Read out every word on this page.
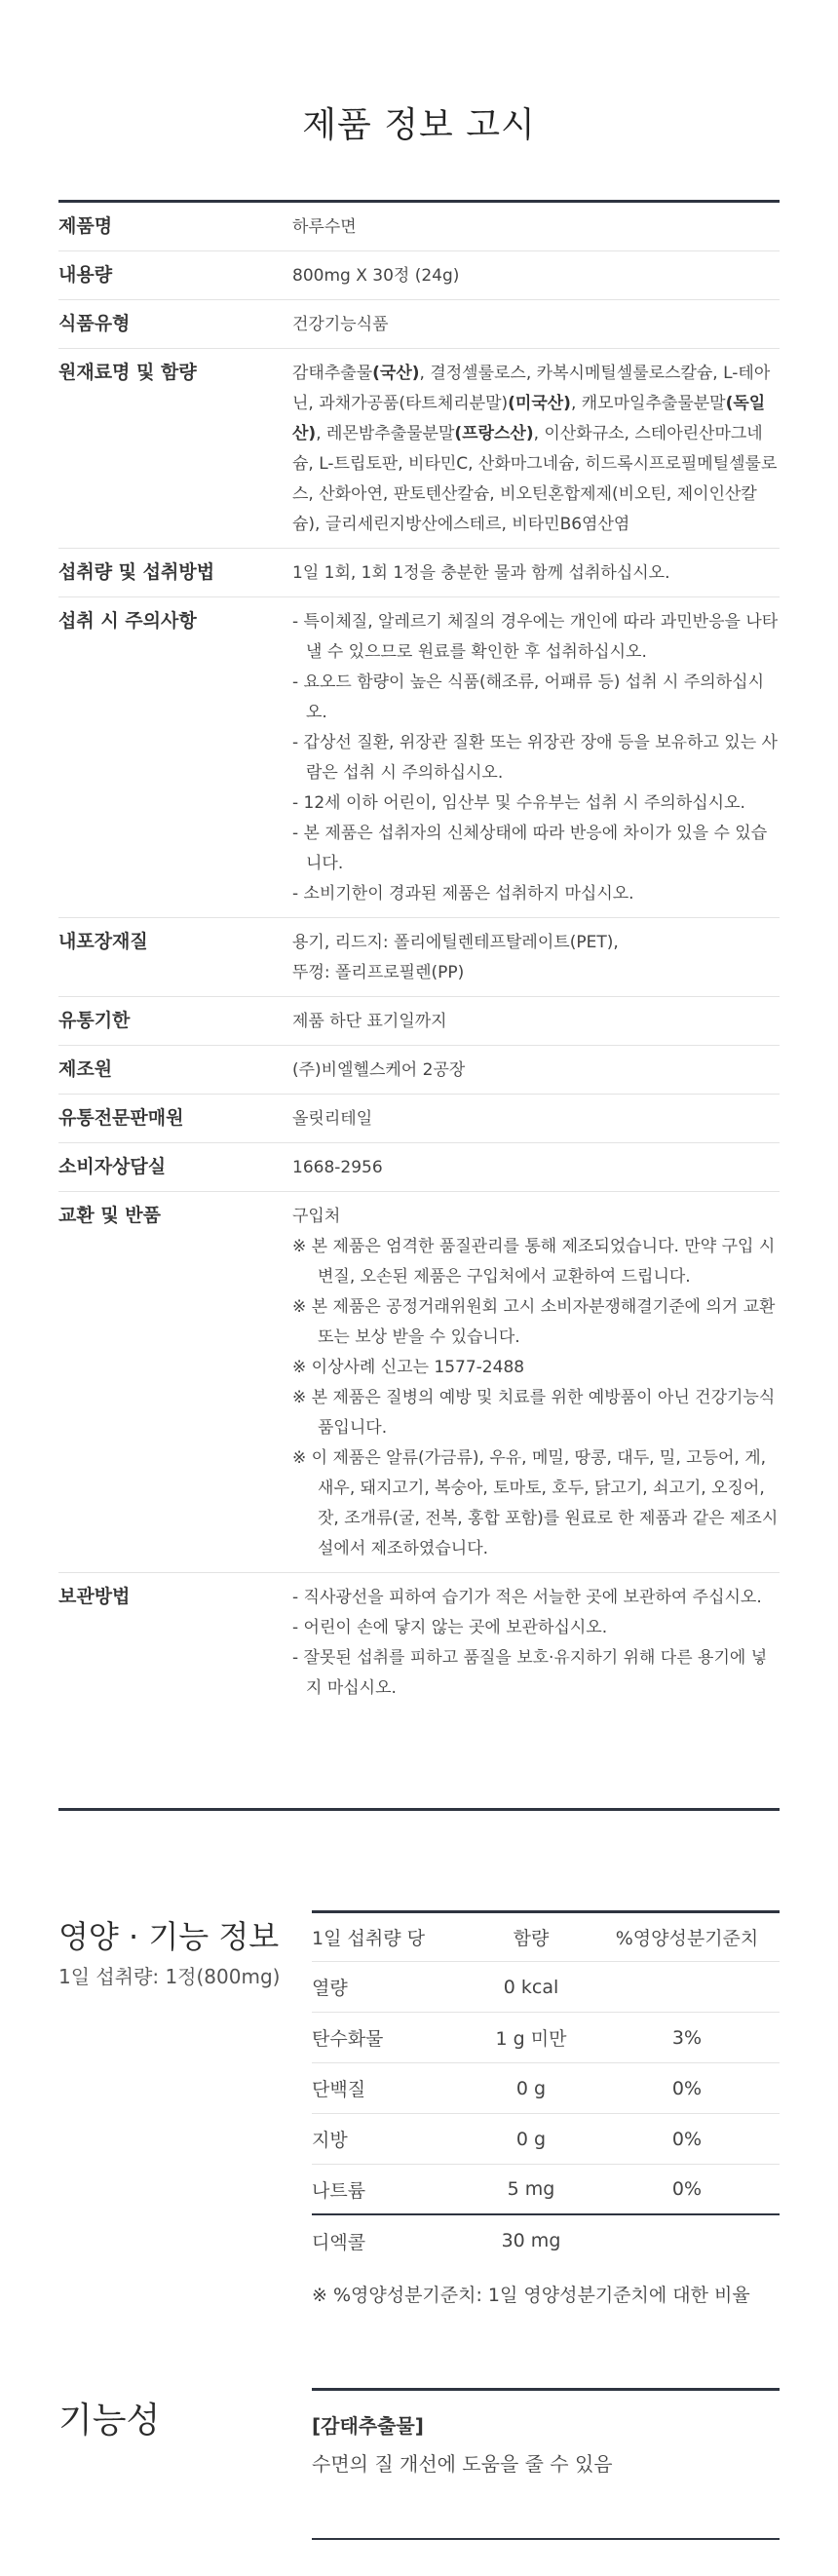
제품 정보 고시
제품명	하루수면
내용량	800mg X 30정 (24g)
식품유형	건강기능식품
원재료명 및 함량	감태추출물(국산), 결정셀룰로스, 카복시메틸셀룰로스칼슘, L-테아닌, 과채가공품(타트체리분말)(미국산), 캐모마일추출물분말(독일산), 레몬밤추출물분말(프랑스산), 이산화규소, 스테아린산마그네슘, L-트립토판, 비타민C, 산화마그네슘, 히드록시프로필메틸셀룰로스, 산화아연, 판토텐산칼슘, 비오틴혼합제제(비오틴, 제이인산칼슘), 글리세린지방산에스테르, 비타민B6염산염
섭취량 및 섭취방법	1일 1회, 1회 1정을 충분한 물과 함께 섭취하십시오.
섭취 시 주의사항	- 특이체질, 알레르기 체질의 경우에는 개인에 따라 과민반응을 나타낼 수 있으므로 원료를 확인한 후 섭취하십시오.
- 요오드 함량이 높은 식품(해조류, 어패류 등) 섭취 시 주의하십시오.
- 갑상선 질환, 위장관 질환 또는 위장관 장애 등을 보유하고 있는 사람은 섭취 시 주의하십시오.
- 12세 이하 어린이, 임산부 및 수유부는 섭취 시 주의하십시오.
- 본 제품은 섭취자의 신체상태에 따라 반응에 차이가 있을 수 있습니다.
- 소비기한이 경과된 제품은 섭취하지 마십시오.
내포장재질	용기, 리드지: 폴리에틸렌테프탈레이트(PET),
뚜껑: 폴리프로필렌(PP)
유통기한	제품 하단 표기일까지
제조원	(주)비엘헬스케어 2공장
유통전문판매원	올릿리테일
소비자상담실	1668-2956
교환 및 반품	구입처
※ 본 제품은 엄격한 품질관리를 통해 제조되었습니다. 만약 구입 시 변질, 오손된 제품은 구입처에서 교환하여 드립니다.
※ 본 제품은 공정거래위원회 고시 소비자분쟁해결기준에 의거 교환 또는 보상 받을 수 있습니다.
※ 이상사례 신고는 1577-2488
※ 본 제품은 질병의 예방 및 치료를 위한 예방품이 아닌 건강기능식품입니다.
※ 이 제품은 알류(가금류), 우유, 메밀, 땅콩, 대두, 밀, 고등어, 게, 새우, 돼지고기, 복숭아, 토마토, 호두, 닭고기, 쇠고기, 오징어, 잣, 조개류(굴, 전복, 홍합 포함)를 원료로 한 제품과 같은 제조시설에서 제조하였습니다.
보관방법	- 직사광선을 피하여 습기가 적은 서늘한 곳에 보관하여 주십시오.
- 어린이 손에 닿지 않는 곳에 보관하십시오.
- 잘못된 섭취를 피하고 품질을 보호·유지하기 위해 다른 용기에 넣지 마십시오.
영양 · 기능 정보
1일 섭취량: 1정(800mg)
1일 섭취량 당	함량	%영양성분기준치
열량	0 kcal
탄수화물	1 g 미만	3%
단백질	0 g	0%
지방	0 g	0%
나트륨	5 mg	0%
디엑콜	30 mg
※ %영양성분기준치: 1일 영양성분기준치에 대한 비율
기능성	[감태추출물]
수면의 질 개선에 도움을 줄 수 있음
